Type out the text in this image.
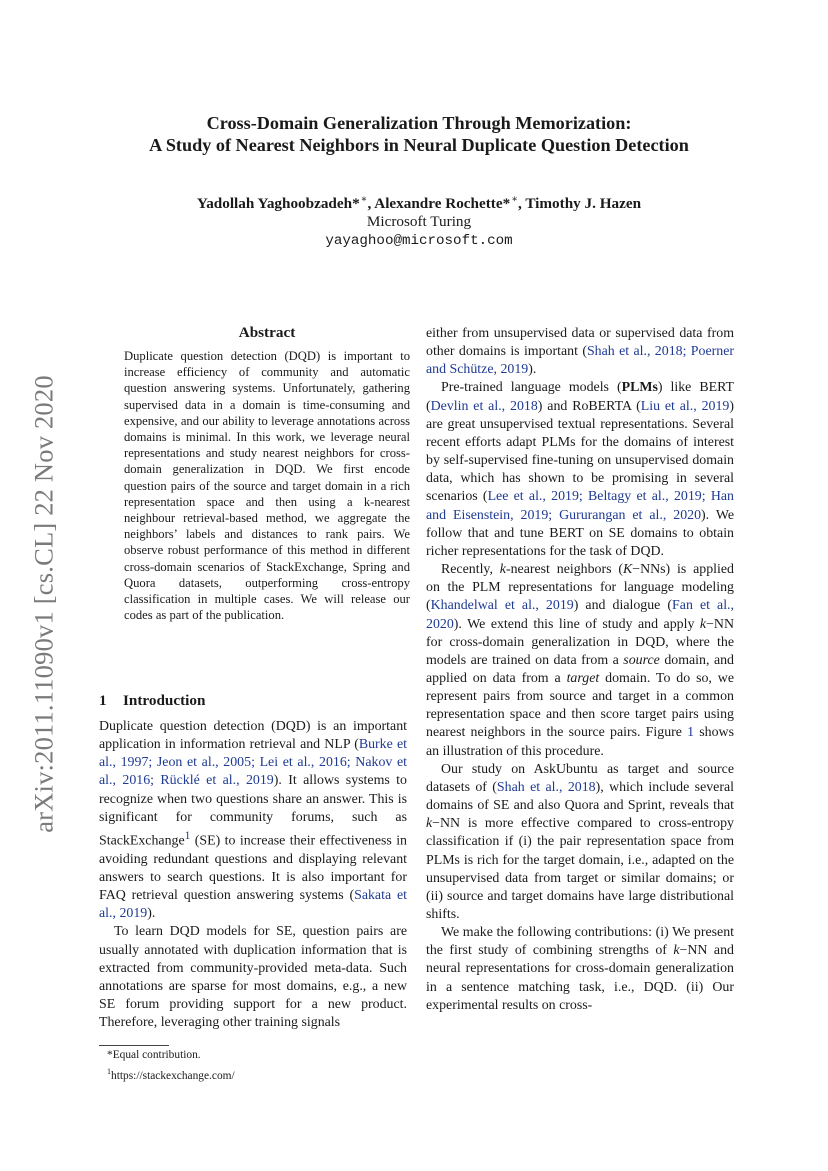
arXiv:2011.11090v1 [cs.CL] 22 Nov 2020
Cross-Domain Generalization Through Memorization:
A Study of Nearest Neighbors in Neural Duplicate Question Detection
Yadollah Yaghoobzadeh*∗, Alexandre Rochette*∗, Timothy J. Hazen
Microsoft Turing
yayaghoo@microsoft.com
Abstract
Duplicate question detection (DQD) is important to increase efficiency of community and automatic question answering systems. Unfortunately, gathering supervised data in a domain is time-consuming and expensive, and our ability to leverage annotations across domains is minimal. In this work, we leverage neural representations and study nearest neighbors for cross-domain generalization in DQD. We first encode question pairs of the source and target domain in a rich representation space and then using a k-nearest neighbour retrieval-based method, we aggregate the neighbors’ labels and distances to rank pairs. We observe robust performance of this method in different cross-domain scenarios of StackExchange, Spring and Quora datasets, outperforming cross-entropy classification in multiple cases. We will release our codes as part of the publication.
1 Introduction

Duplicate question detection (DQD) is an important application in information retrieval and NLP (Burke et al., 1997; Jeon et al., 2005; Lei et al., 2016; Nakov et al., 2016; Rücklé et al., 2019). It allows systems to recognize when two questions share an answer. This is significant for community forums, such as StackExchange$^1$ (SE) to increase their effectiveness in avoiding redundant questions and displaying relevant answers to search questions. It is also important for FAQ retrieval question answering systems (Sakata et al., 2019).

To learn DQD models for SE, question pairs are usually annotated with duplication information that is extracted from community-provided meta-data. Such annotations are sparse for most domains, e.g., a new SE forum providing support for a new product. Therefore, leveraging other training signals

either from unsupervised data or supervised data from other domains is important (Shah et al., 2018; Poerner and Schütze, 2019).

Pre-trained language models (PLMs) like BERT (Devlin et al., 2018) and RoBERTA (Liu et al., 2019) are great unsupervised textual representations. Several recent efforts adapt PLMs for the domains of interest by self-supervised fine-tuning on unsupervised domain data, which has shown to be promising in several scenarios (Lee et al., 2019; Beltagy et al., 2019; Han and Eisenstein, 2019; Gururangan et al., 2020). We follow that and tune BERT on SE domains to obtain richer representations for the task of DQD.

Recently, k-nearest neighbors (K−NNs) is applied on the PLM representations for language modeling (Khandelwal et al., 2019) and dialogue (Fan et al., 2020). We extend this line of study and apply k−NN for cross-domain generalization in DQD, where the models are trained on data from a source domain, and applied on data from a target domain. To do so, we represent pairs from source and target in a common representation space and then score target pairs using nearest neighbors in the source pairs. Figure 1 shows an illustration of this procedure.

Our study on AskUbuntu as target and source datasets of (Shah et al., 2018), which include several domains of SE and also Quora and Sprint, reveals that k−NN is more effective compared to cross-entropy classification if (i) the pair representation space from PLMs is rich for the target domain, i.e., adapted on the unsupervised data from target or similar domains; or (ii) source and target domains have large distributional shifts.

We make the following contributions: (i) We present the first study of combining strengths of k−NN and neural representations for cross-domain generalization in a sentence matching task, i.e., DQD. (ii) Our experimental results on cross-

*Equal contribution.
$^1$https://stackexchange.com/
